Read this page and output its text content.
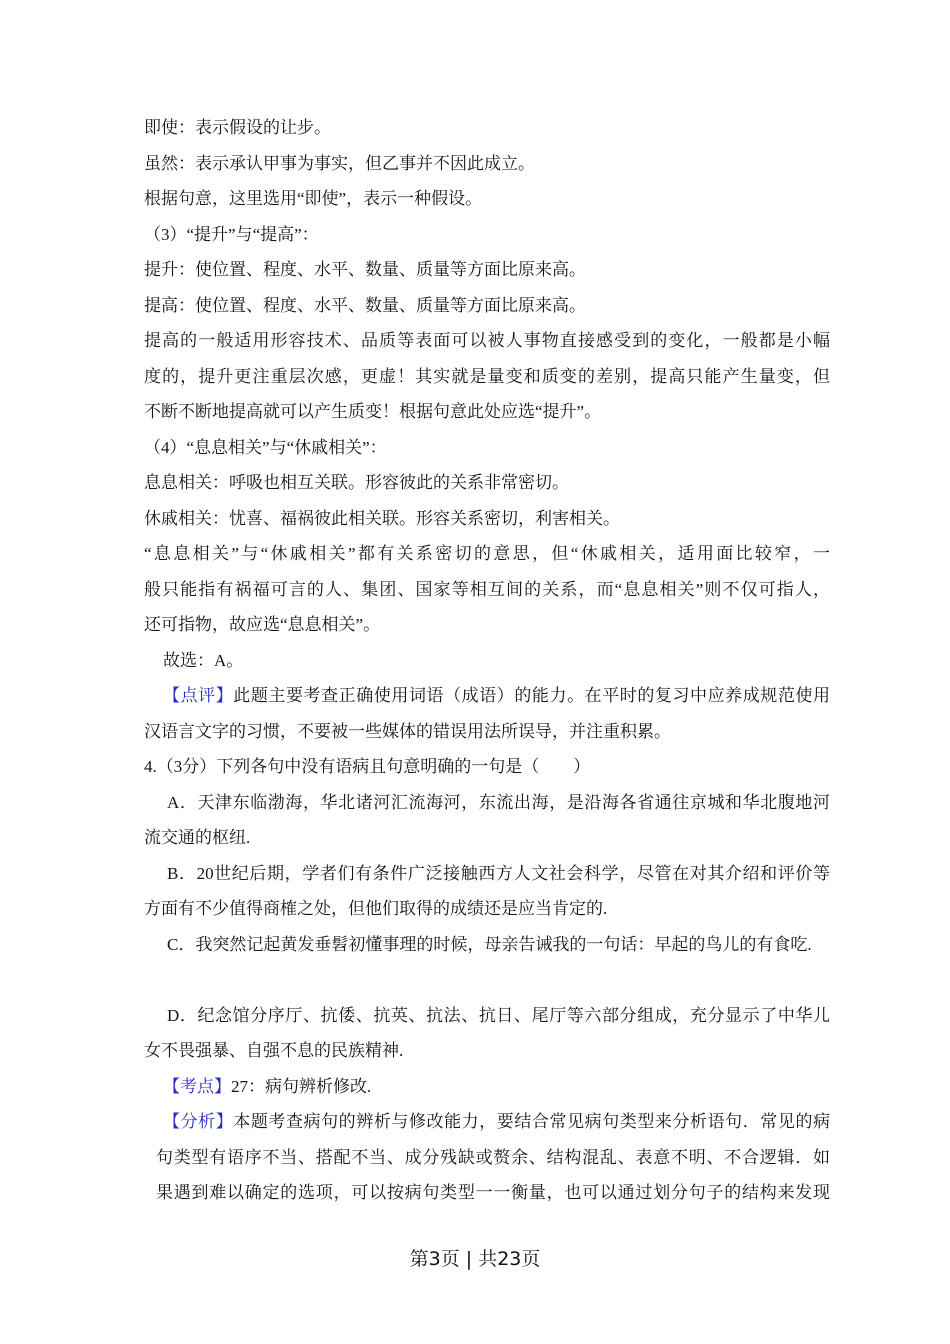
即使：表示假设的让步。
虽然：表示承认甲事为事实，但乙事并不因此成立。
根据句意，这里选用“即使”，表示一种假设。
（3）“提升”与“提高”：
提升：使位置、程度、水平、数量、质量等方面比原来高。
提高：使位置、程度、水平、数量、质量等方面比原来高。
提高的一般适用形容技术、品质等表面可以被人事物直接感受到的变化，一般都是小幅
度的，提升更注重层次感，更虚！其实就是量变和质变的差别，提高只能产生量变，但
不断不断地提高就可以产生质变！根据句意此处应选“提升”。
（4）“息息相关”与“休戚相关”：
息息相关：呼吸也相互关联。形容彼此的关系非常密切。
休戚相关：忧喜、福祸彼此相关联。形容关系密切，利害相关。
“息息相关”与“休戚相关”都有关系密切的意思，但“休戚相关，适用面比较窄，一
般只能指有祸福可言的人、集团、国家等相互间的关系，而“息息相关”则不仅可指人，
还可指物，故应选“息息相关”。
故选：A。
【点评】此题主要考查正确使用词语（成语）的能力。在平时的复习中应养成规范使用
汉语言文字的习惯，不要被一些媒体的错误用法所误导，并注重积累。
4.（3分）下列各句中没有语病且句意明确的一句是（　　）
A．天津东临渤海，华北诸河汇流海河，东流出海，是沿海各省通往京城和华北腹地河
流交通的枢纽.
B．20世纪后期，学者们有条件广泛接触西方人文社会科学，尽管在对其介绍和评价等
方面有不少值得商榷之处，但他们取得的成绩还是应当肯定的.
C．我突然记起黄发垂髫初懂事理的时候，母亲告诫我的一句话：早起的鸟儿的有食吃.
D．纪念馆分序厅、抗倭、抗英、抗法、抗日、尾厅等六部分组成，充分显示了中华儿
女不畏强暴、自强不息的民族精神.
【考点】27：病句辨析修改.
【分析】本题考查病句的辨析与修改能力，要结合常见病句类型来分析语句．常见的病
句类型有语序不当、搭配不当、成分残缺或赘余、结构混乱、表意不明、不合逻辑．如
果遇到难以确定的选项，可以按病句类型一一衡量，也可以通过划分句子的结构来发现
第3页 | 共23页
